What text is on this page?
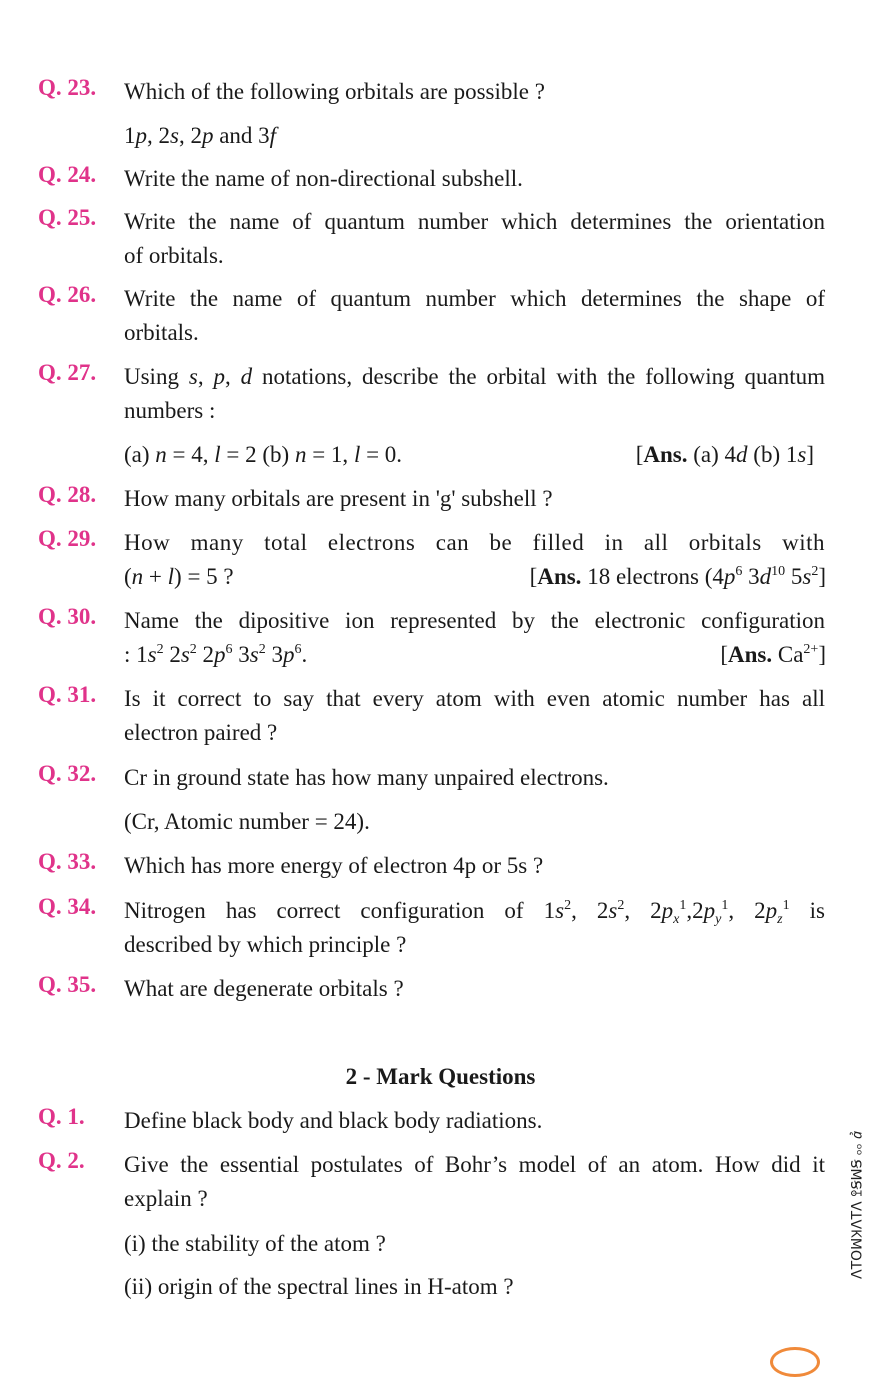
Q. 23. Which of the following orbitals are possible ?
1p, 2s, 2p and 3f
Q. 24. Write the name of non-directional subshell.
Q. 25. Write the name of quantum number which determines the orientation
of orbitals.
Q. 26. Write the name of quantum number which determines the shape of
orbitals.
Q. 27. Using s, p, d notations, describe the orbital with the following quantum
numbers :
(a) n = 4, l = 2 (b) n = 1, l = 0.	[Ans. (a) 4d (b) 1s]
Q. 28. How many orbitals are present in 'g' subshell ?
Q. 29. How many total electrons can be filled in all orbitals with
(n + l) = 5 ?	[Ans. 18 electrons ($4p^6$ $3d^{10}$ $5s^2$]
Q. 30. Name the dipositive ion represented by the electronic configuration
: $1s^2$ $2s^2$ $2p^6$ $3s^2$ $3p^6$.	[Ans. $Ca^{2+}$]
Q. 31. Is it correct to say that every atom with even atomic number has all
electron paired ?
Q. 32. Cr in ground state has how many unpaired electrons.
(Cr, Atomic number = 24).
Q. 33. Which has more energy of electron 4p or 5s ?
Q. 34. Nitrogen has correct configuration of $1s^2$, $2s^2$, $2p_x^1,2p_y^1$, $2p_z^1$ is
described by which principle ?
Q. 35. What are degenerate orbitals ?
2 - Mark Questions
Q. 1. Define black body and black body radiations.
Q. 2. Give the essential postulates of Bohr’s model of an atom. How did it
explain ?
(i) the stability of the atom ?
(ii) origin of the spectral lines in H-atom ?
ɅTOꟽꞰɅTɅ ꖶꞨꟽꞨ ₒₒ ꞻ
